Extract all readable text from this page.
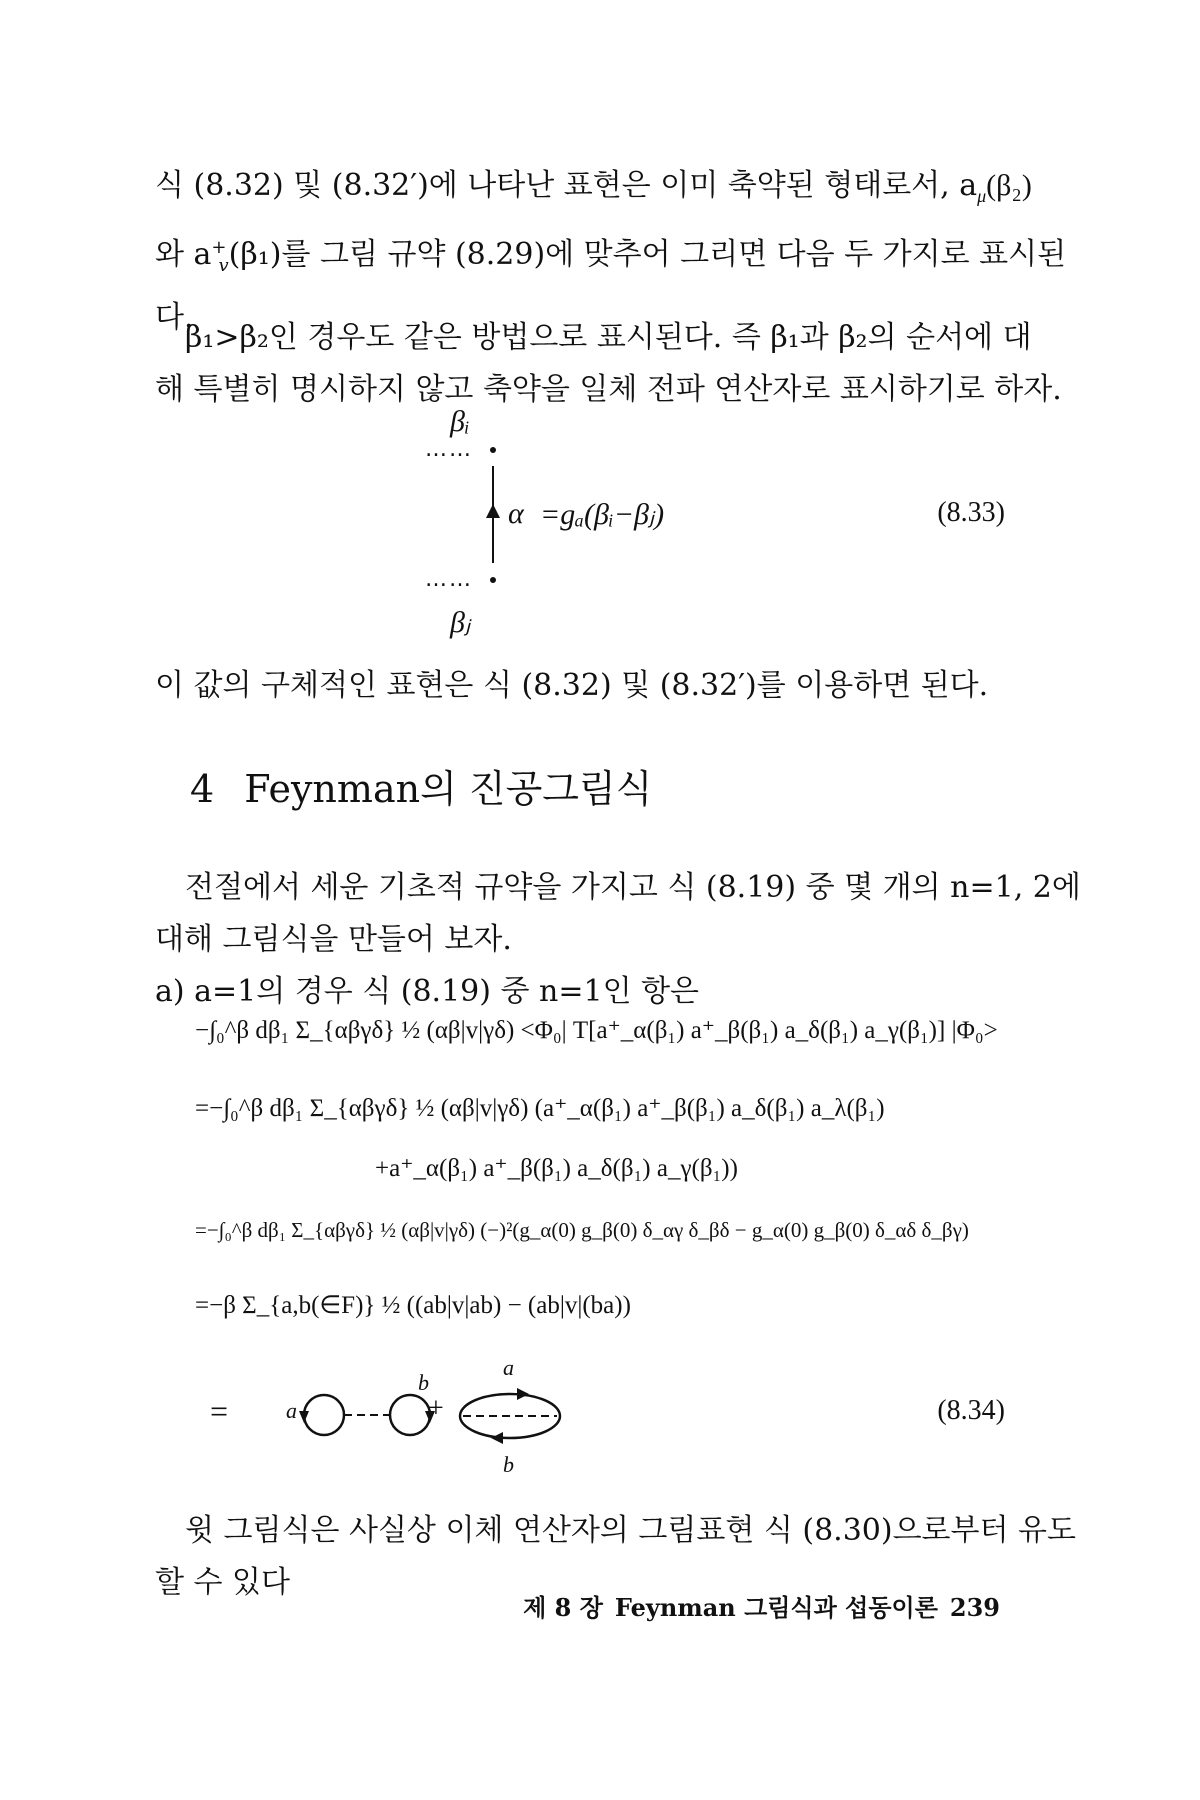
식 (8.32) 및 (8.32′)에 나타난 표현은 이미 축약된 형태로서, $a_\mu(\beta_2)$
와 $a^+_v(\beta_1)$를 그림 규약 (8.29)에 맞추어 그리면 다음 두 가지로 표시된
다.
β₁>β₂인 경우도 같은 방법으로 표시된다. 즉 β₁과 β₂의 순서에 대
해 특별히 명시하지 않고 축약을 일체 전파 연산자로 표시하기로 하자.
βᵢ
……
α =gₐ(βᵢ−βⱼ)
……
βⱼ
(8.33)
이 값의 구체적인 표현은 식 (8.32) 및 (8.32′)를 이용하면 된다.
4 Feynman의 진공그림식
전절에서 세운 기초적 규약을 가지고 식 (8.19) 중 몇 개의 n=1, 2에
대해 그림식을 만들어 보자.
a) a=1의 경우 식 (8.19) 중 n=1인 항은
−∫₀^β dβ₁ Σ_{αβγδ} ½ (αβ|v|γδ) <Φ₀| T[a⁺_α(β₁) a⁺_β(β₁) a_δ(β₁) a_γ(β₁)] |Φ₀>
=−∫₀^β dβ₁ Σ_{αβγδ} ½ (αβ|v|γδ) (a⁺_α(β₁) a⁺_β(β₁) a_δ(β₁) a_λ(β₁)
+a⁺_α(β₁) a⁺_β(β₁) a_δ(β₁) a_γ(β₁))
=−∫₀^β dβ₁ Σ_{αβγδ} ½ (αβ|v|γδ) (−)²(g_α(0) g_β(0) δ_αγ δ_βδ − g_α(0) g_β(0) δ_αδ δ_βγ)
=−β Σ_{a,b(∈F)} ½ ((ab|v|ab) − (ab|v|(ba))
=	a
b
+
a
b
(8.34)
윗 그림식은 사실상 이체 연산자의 그림표현 식 (8.30)으로부터 유도
할 수 있다
제 8 장 Feynman 그림식과 섭동이론 239
